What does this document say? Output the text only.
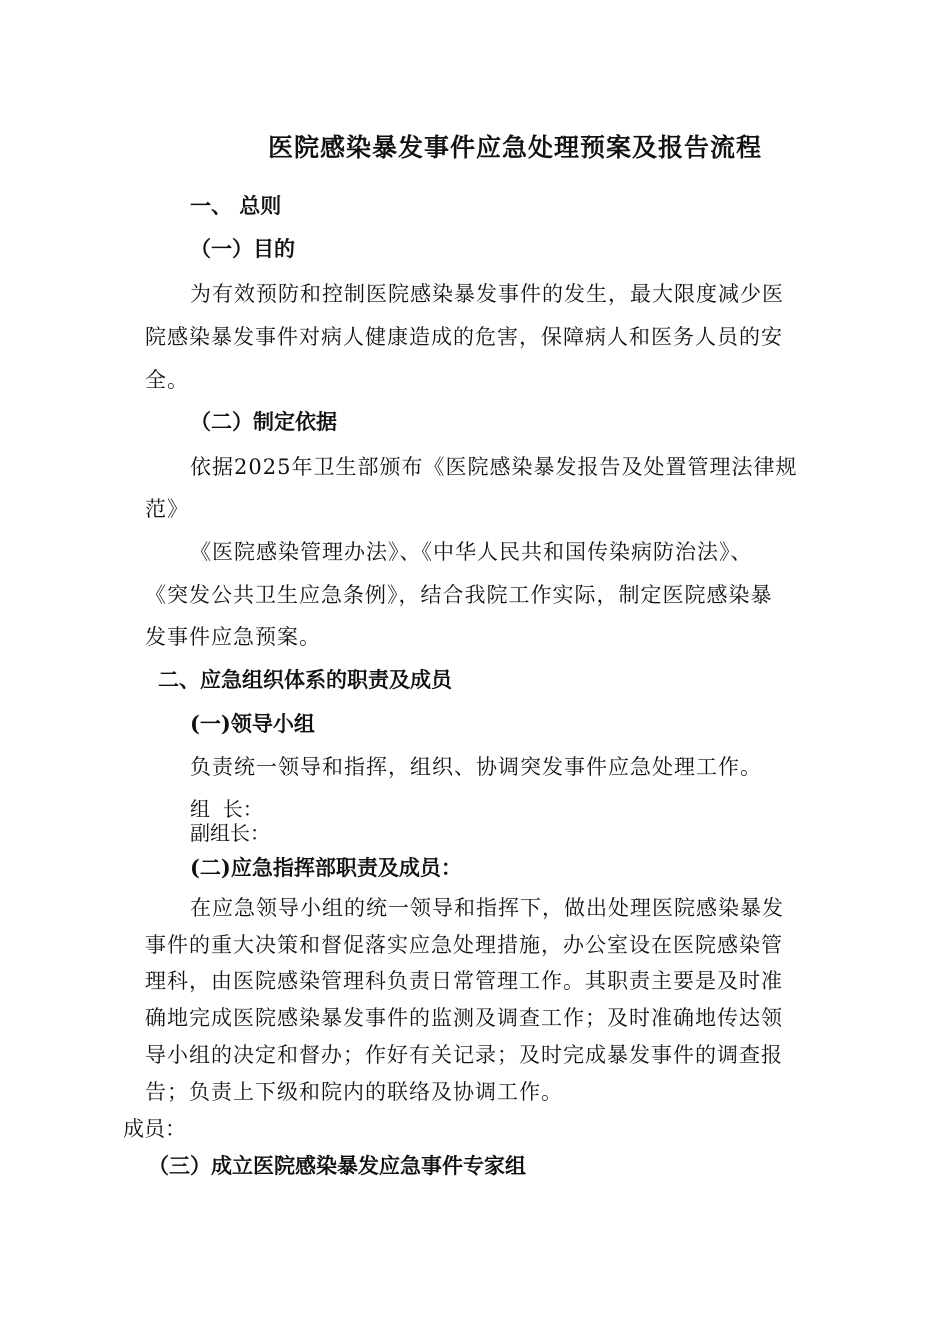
医院感染暴发事件应急处理预案及报告流程
一、 总则
（一）目的
为有效预防和控制医院感染暴发事件的发生，最大限度减少医
院感染暴发事件对病人健康造成的危害，保障病人和医务人员的安
全。
（二）制定依据
依据2025年卫生部颁布《医院感染暴发报告及处置管理法律规
范》
《医院感染管理办法》、《中华人民共和国传染病防治法》、
《突发公共卫生应急条例》，结合我院工作实际，制定医院感染暴
发事件应急预案。
二、应急组织体系的职责及成员
(一)领导小组
负责统一领导和指挥，组织、协调突发事件应急处理工作。
组  长：
副组长：
(二)应急指挥部职责及成员：
在应急领导小组的统一领导和指挥下，做出处理医院感染暴发
事件的重大决策和督促落实应急处理措施，办公室设在医院感染管
理科，由医院感染管理科负责日常管理工作。其职责主要是及时准
确地完成医院感染暴发事件的监测及调查工作；及时准确地传达领
导小组的决定和督办；作好有关记录；及时完成暴发事件的调查报
告；负责上下级和院内的联络及协调工作。
成员：
（三）成立医院感染暴发应急事件专家组
